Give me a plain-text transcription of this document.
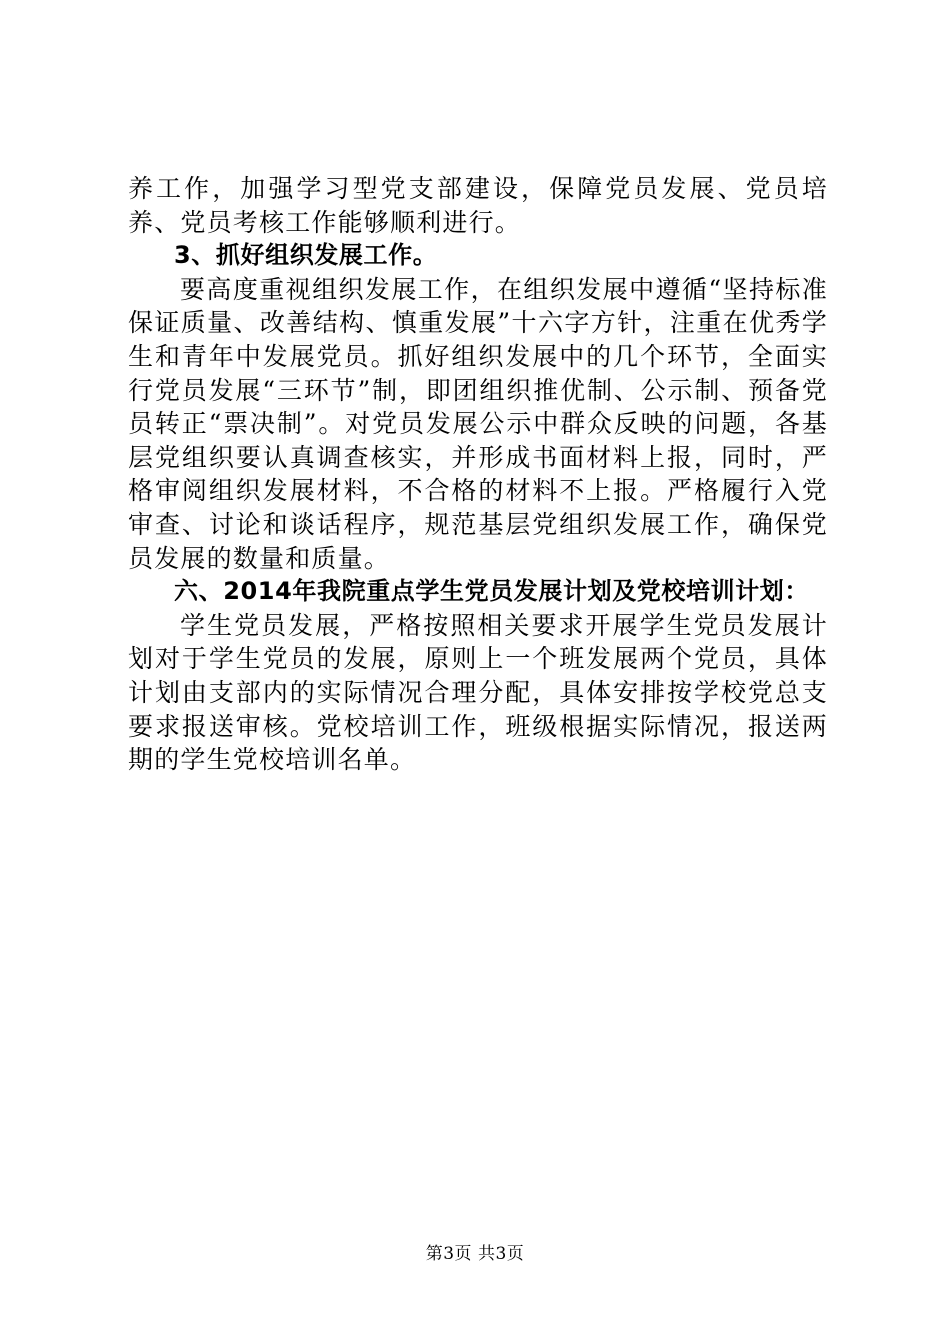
养工作，加强学习型党支部建设，保障党员发展、党员培养、党员考核工作能够顺利进行。

3、抓好组织发展工作。

要高度重视组织发展工作，在组织发展中遵循“坚持标准保证质量、改善结构、慎重发展”十六字方针，注重在优秀学生和青年中发展党员。抓好组织发展中的几个环节，全面实行党员发展“三环节”制，即团组织推优制、公示制、预备党员转正“票决制”。对党员发展公示中群众反映的问题，各基层党组织要认真调查核实，并形成书面材料上报，同时，严格审阅组织发展材料，不合格的材料不上报。严格履行入党审查、讨论和谈话程序，规范基层党组织发展工作，确保党员发展的数量和质量。

六、2014年我院重点学生党员发展计划及党校培训计划：

学生党员发展，严格按照相关要求开展学生党员发展计划对于学生党员的发展，原则上一个班发展两个党员，具体计划由支部内的实际情况合理分配，具体安排按学校党总支要求报送审核。党校培训工作，班级根据实际情况，报送两期的学生党校培训名单。

第3页 共3页
